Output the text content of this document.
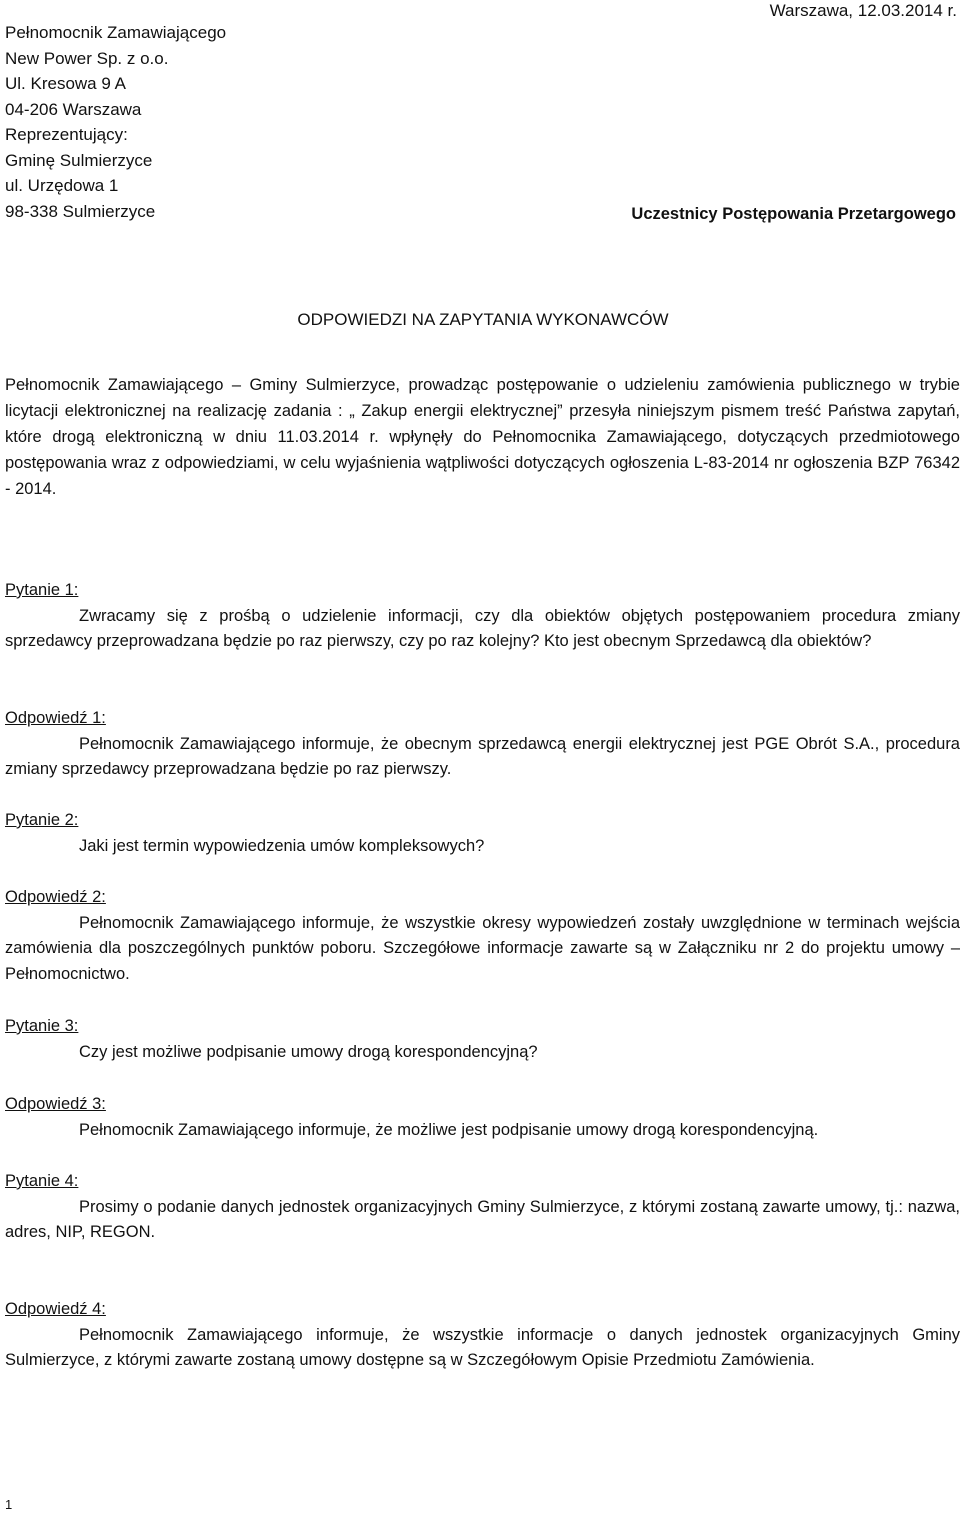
Pełnomocnik Zamawiającego
New Power Sp. z o.o.
Ul. Kresowa 9 A
04-206 Warszawa
Reprezentujący:
Gminę Sulmierzyce
ul. Urzędowa 1
98-338 Sulmierzyce
Warszawa, 12.03.2014 r.
Uczestnicy Postępowania Przetargowego
ODPOWIEDZI NA ZAPYTANIA WYKONAWCÓW
Pełnomocnik Zamawiającego – Gminy Sulmierzyce, prowadząc postępowanie o udzieleniu zamówienia publicznego w trybie licytacji elektronicznej na realizację zadania : „ Zakup energii elektrycznej” przesyła niniejszym pismem treść Państwa zapytań, które drogą elektroniczną w dniu 11.03.2014 r. wpłynęły do Pełnomocnika Zamawiającego, dotyczących przedmiotowego postępowania wraz z odpowiedziami, w celu wyjaśnienia wątpliwości dotyczących ogłoszenia L-83-2014 nr ogłoszenia BZP 76342 - 2014.
Pytanie 1:
Zwracamy się z prośbą o udzielenie informacji, czy dla obiektów objętych postępowaniem procedura zmiany sprzedawcy przeprowadzana będzie po raz pierwszy, czy po raz kolejny? Kto jest obecnym Sprzedawcą dla obiektów?
Odpowiedź 1:
Pełnomocnik Zamawiającego informuje, że obecnym sprzedawcą energii elektrycznej jest PGE Obrót S.A., procedura zmiany sprzedawcy przeprowadzana będzie po raz pierwszy.
Pytanie 2:
Jaki jest termin wypowiedzenia umów kompleksowych?
Odpowiedź 2:
Pełnomocnik Zamawiającego informuje, że wszystkie okresy wypowiedzeń zostały uwzględnione w terminach wejścia zamówienia dla poszczególnych punktów poboru. Szczegółowe informacje zawarte są w Załączniku nr 2 do projektu umowy – Pełnomocnictwo.
Pytanie 3:
Czy jest możliwe podpisanie umowy drogą korespondencyjną?
Odpowiedź 3:
Pełnomocnik Zamawiającego informuje, że możliwe jest podpisanie umowy drogą korespondencyjną.
Pytanie 4:
Prosimy o podanie danych jednostek organizacyjnych Gminy Sulmierzyce, z którymi zostaną zawarte umowy, tj.: nazwa, adres, NIP, REGON.
Odpowiedź 4:
Pełnomocnik Zamawiającego informuje, że wszystkie informacje o danych jednostek organizacyjnych Gminy Sulmierzyce, z którymi zawarte zostaną umowy dostępne są w Szczegółowym Opisie Przedmiotu Zamówienia.
1
